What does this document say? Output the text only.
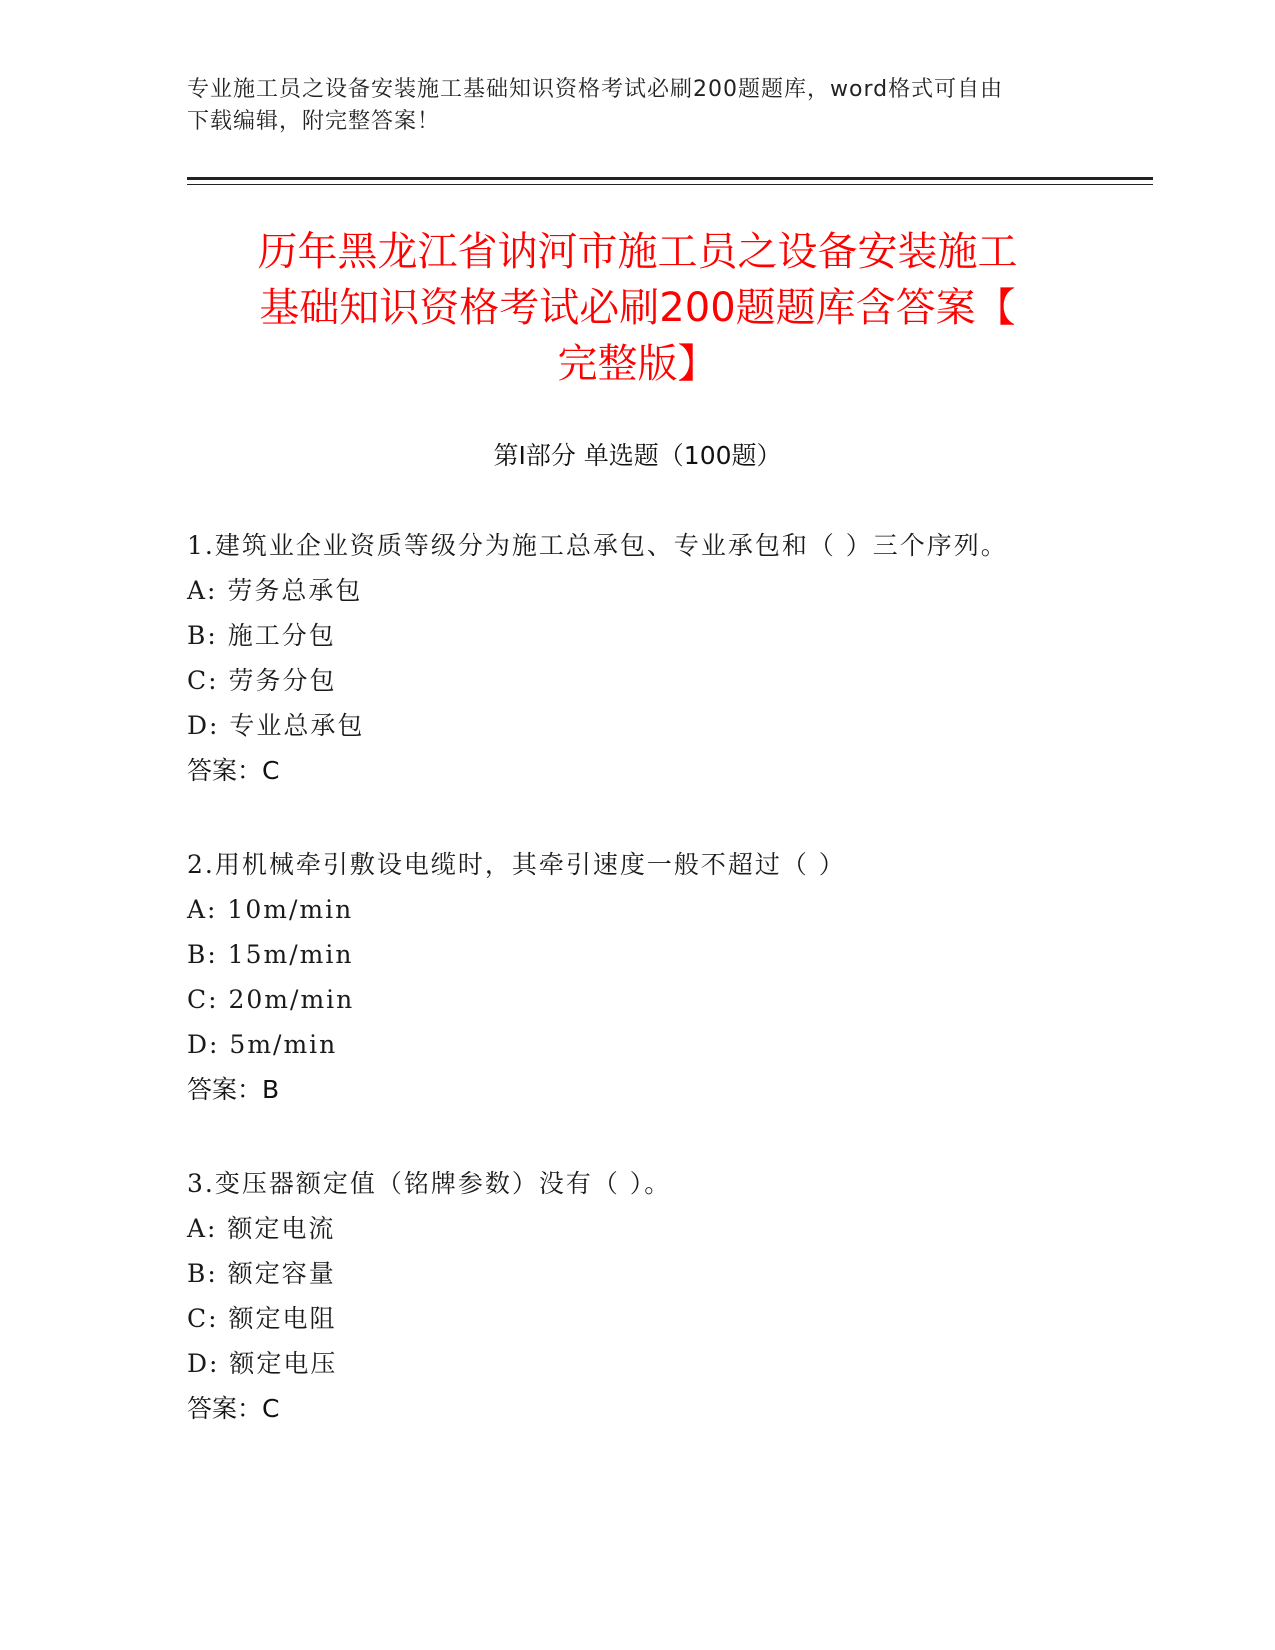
专业施工员之设备安装施工基础知识资格考试必刷200题题库，word格式可自由
下载编辑，附完整答案！
历年黑龙江省讷河市施工员之设备安装施工
基础知识资格考试必刷200题题库含答案【
完整版】
第Ⅰ部分 单选题（100题）
1.建筑业企业资质等级分为施工总承包、专业承包和（ ）三个序列。
A: 劳务总承包
B: 施工分包
C: 劳务分包
D: 专业总承包
答案：C
2.用机械牵引敷设电缆时，其牵引速度一般不超过（ ）
A: 10m/min
B: 15m/min
C: 20m/min
D: 5m/min
答案：B
3.变压器额定值（铭牌参数）没有（ ）。
A: 额定电流
B: 额定容量
C: 额定电阻
D: 额定电压
答案：C
